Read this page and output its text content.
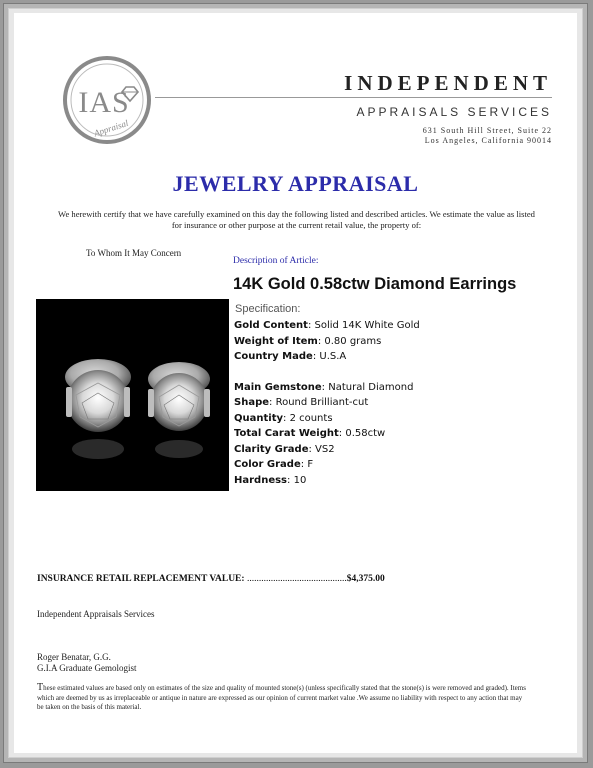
IAS
Appraisal
INDEPENDENT
APPRAISALS SERVICES
631 South Hill Street, Suite 22
Los Angeles, California 90014
JEWELRY APPRAISAL
We herewith certify that we have carefully examined on this day the following listed and described articles. We estimate the value as listed for insurance or other purpose at the current retail value, the property of:
To Whom It May Concern
Description of Article:
14K Gold 0.58ctw Diamond Earrings
Specification:
Gold Content: Solid 14K White Gold
Weight of Item: 0.80 grams
Country Made: U.S.A
Main Gemstone: Natural Diamond
Shape: Round Brilliant-cut
Quantity: 2 counts
Total Carat Weight: 0.58ctw
Clarity Grade: VS2
Color Grade: F
Hardness: 10
INSURANCE RETAIL REPLACEMENT VALUE: ..........................................$4,375.00
Independent Appraisals Services
Roger Benatar, G.G.
G.I.A Graduate Gemologist
These estimated values are based only on estimates of the size and quality of mounted stone(s) (unless specifically stated that the stone(s) is were removed and graded). Items which are deemed by us as irreplaceable or antique in nature are expressed as our opinion of current market value .We assume no liability with respect to any action that may be taken on the basis of this material.
